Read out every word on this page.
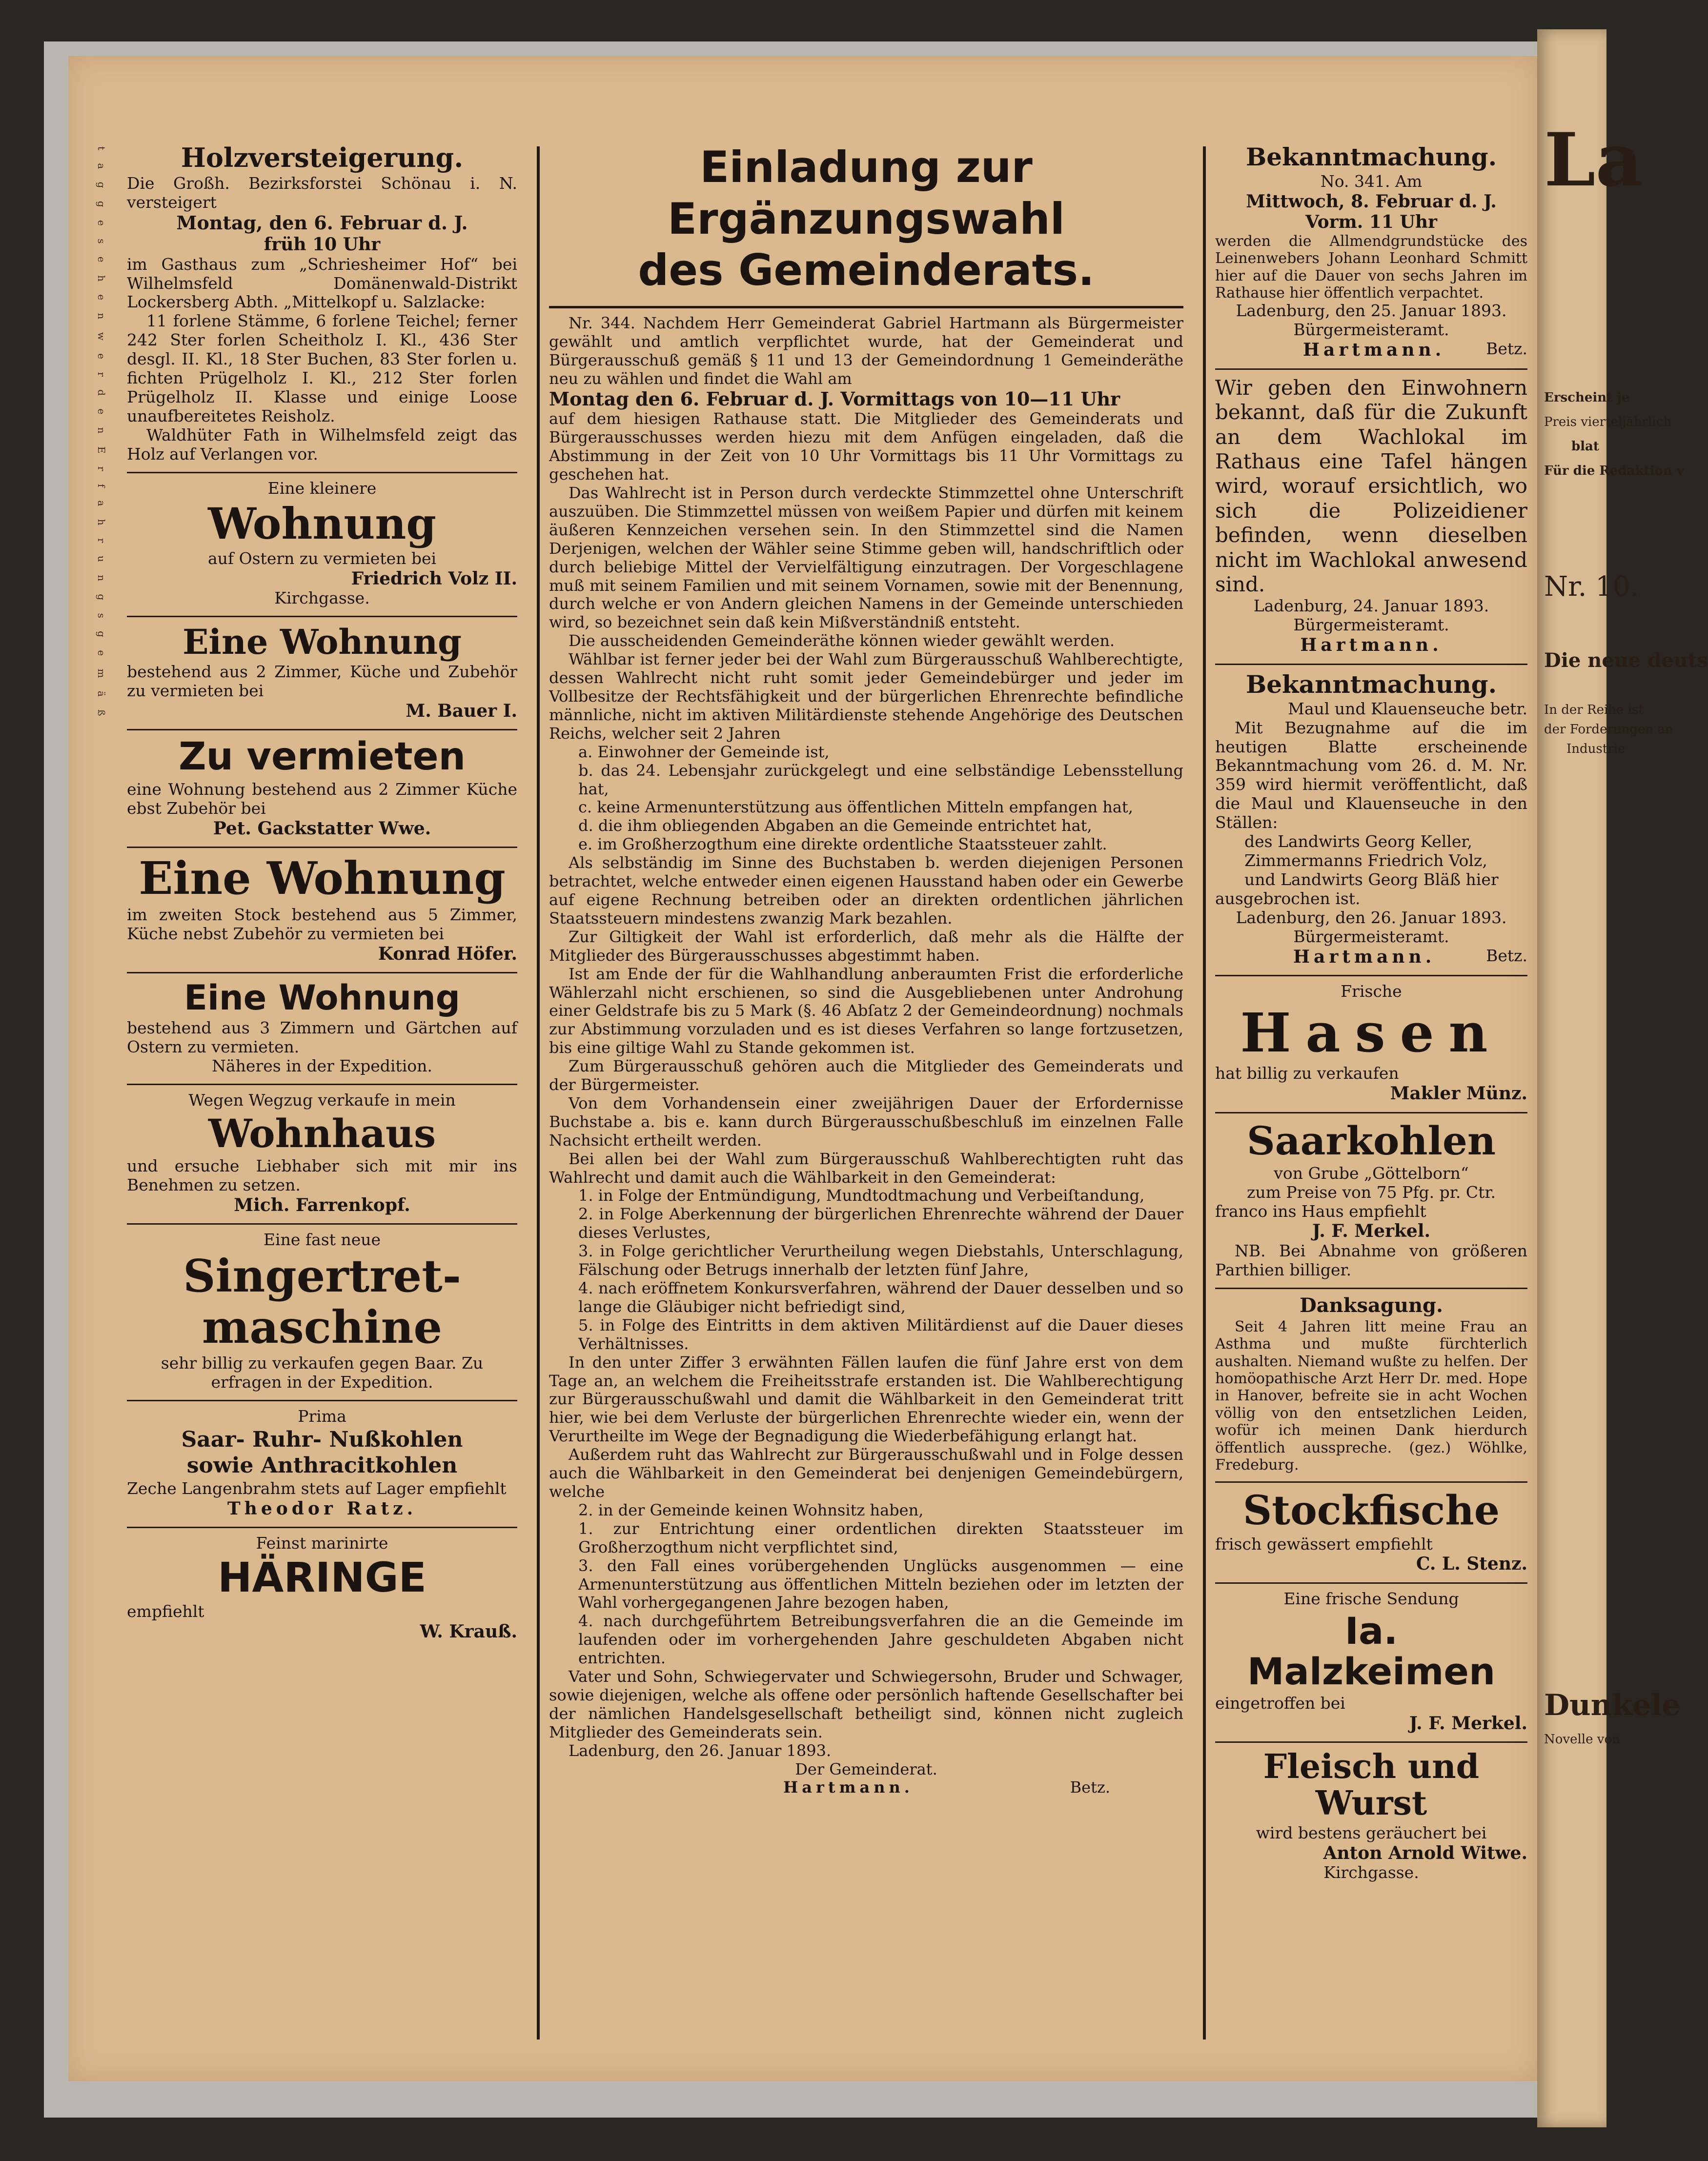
t a g g e s e h e n w e r d e n E r f a h r u n g s g e m ä ß	Holzversteigerung.

Die Großh. Bezirksforstei Schönau i. N. versteigert

Montag, den 6. Februar d. J.

früh 10 Uhr

im Gasthaus zum „Schriesheimer Hof“ bei Wilhelmsfeld Domänenwald-Distrikt Lockersberg Abth. „Mittelkopf u. Salzlacke:

11 forlene Stämme, 6 forlene Teichel; ferner 242 Ster forlen Scheitholz I. Kl., 436 Ster desgl. II. Kl., 18 Ster Buchen, 83 Ster forlen u. fichten Prügelholz I. Kl., 212 Ster forlen Prügelholz II. Klasse und einige Loose unaufbereitetes Reisholz.

Waldhüter Fath in Wilhelmsfeld zeigt das Holz auf Verlangen vor.

Eine kleinere

Wohnung

auf Ostern zu vermieten bei

Friedrich Volz II.

Kirchgasse.

Eine Wohnung

bestehend aus 2 Zimmer, Küche und Zubehör zu vermieten bei

M. Bauer I.

Zu vermieten

eine Wohnung bestehend aus 2 Zimmer Küche ebst Zubehör bei

Pet. Gackstatter Wwe.

Eine Wohnung

im zweiten Stock bestehend aus 5 Zimmer, Küche nebst Zubehör zu vermieten bei

Konrad Höfer.

Eine Wohnung

bestehend aus 3 Zimmern und Gärtchen auf Ostern zu vermieten.

Näheres in der Expedition.

Wegen Wegzug verkaufe in mein

Wohnhaus

und ersuche Liebhaber sich mit mir ins Benehmen zu setzen.

Mich. Farrenkopf.

Eine fast neue

Singertret-
maschine

sehr billig zu verkaufen gegen Baar. Zu erfragen in der Expedition.

Prima

Saar- Ruhr- Nußkohlen
sowie Anthracitkohlen

Zeche Langenbrahm stets auf Lager empfiehlt

Theodor Ratz.

Feinst marinirte

HÄRINGE

empfiehlt

W. Krauß.

Einladung zur Ergänzungswahl
des Gemeinderats.

Nr. 344. Nachdem Herr Gemeinderat Gabriel Hartmann als Bürgermeister gewählt und amtlich verpflichtet wurde, hat der Gemeinderat und Bürgerausschuß gemäß § 11 und 13 der Gemeindordnung 1 Gemeinderäthe neu zu wählen und findet die Wahl am

Montag den 6. Februar d. J. Vormittags von 10—11 Uhr

auf dem hiesigen Rathause statt. Die Mitglieder des Gemeinderats und Bürgerausschusses werden hiezu mit dem Anfügen eingeladen, daß die Abstimmung in der Zeit von 10 Uhr Vormittags bis 11 Uhr Vormittags zu geschehen hat.

Das Wahlrecht ist in Person durch verdeckte Stimmzettel ohne Unterschrift auszuüben. Die Stimmzettel müssen von weißem Papier und dürfen mit keinem äußeren Kennzeichen versehen sein. In den Stimmzettel sind die Namen Derjenigen, welchen der Wähler seine Stimme geben will, handschriftlich oder durch beliebige Mittel der Vervielfältigung einzutragen. Der Vorgeschlagene muß mit seinem Familien und mit seinem Vornamen, sowie mit der Benennung, durch welche er von Andern gleichen Namens in der Gemeinde unterschieden wird, so bezeichnet sein daß kein Mißverständniß entsteht.

Die ausscheidenden Gemeinderäthe können wieder gewählt werden.

Wählbar ist ferner jeder bei der Wahl zum Bürgerausschuß Wahlberechtigte, dessen Wahlrecht nicht ruht somit jeder Gemeindebürger und jeder im Vollbesitze der Rechtsfähigkeit und der bürgerlichen Ehrenrechte befindliche männliche, nicht im aktiven Militärdienste stehende Angehörige des Deutschen Reichs, welcher seit 2 Jahren

a. Einwohner der Gemeinde ist,

b. das 24. Lebensjahr zurückgelegt und eine selbständige Lebensstellung hat,

c. keine Armenunterstützung aus öffentlichen Mitteln empfangen hat,

d. die ihm obliegenden Abgaben an die Gemeinde entrichtet hat,

e. im Großherzogthum eine direkte ordentliche Staatssteuer zahlt.

Als selbständig im Sinne des Buchstaben b. werden diejenigen Personen betrachtet, welche entweder einen eigenen Hausstand haben oder ein Gewerbe auf eigene Rechnung betreiben oder an direkten ordentlichen jährlichen Staatssteuern mindestens zwanzig Mark bezahlen.

Zur Giltigkeit der Wahl ist erforderlich, daß mehr als die Hälfte der Mitglieder des Bürgerausschusses abgestimmt haben.

Ist am Ende der für die Wahlhandlung anberaumten Frist die erforderliche Wählerzahl nicht erschienen, so sind die Ausgebliebenen unter Androhung einer Geldstrafe bis zu 5 Mark (§. 46 Abſatz 2 der Gemeindeordnung) nochmals zur Abstimmung vorzuladen und es ist dieses Verfahren so lange fortzusetzen, bis eine giltige Wahl zu Stande gekommen ist.

Zum Bürgerausschuß gehören auch die Mitglieder des Gemeinderats und der Bürgermeister.

Von dem Vorhandensein einer zweijährigen Dauer der Erfordernisse Buchstabe a. bis e. kann durch Bürgerausschußbeschluß im einzelnen Falle Nachsicht ertheilt werden.

Bei allen bei der Wahl zum Bürgerausschuß Wahlberechtigten ruht das Wahlrecht und damit auch die Wählbarkeit in den Gemeinderat:

1. in Folge der Entmündigung, Mundtodtmachung und Verbeiſtandung,

2. in Folge Aberkennung der bürgerlichen Ehrenrechte während der Dauer dieses Verlustes,

3. in Folge gerichtlicher Verurtheilung wegen Diebstahls, Unterschlagung, Fälschung oder Betrugs innerhalb der letzten fünf Jahre,

4. nach eröffnetem Konkursverfahren, während der Dauer desselben und so lange die Gläubiger nicht befriedigt sind,

5. in Folge des Eintritts in dem aktiven Militärdienst auf die Dauer dieses Verhältnisses.

In den unter Ziffer 3 erwähnten Fällen laufen die fünf Jahre erst von dem Tage an, an welchem die Freiheitsstrafe erstanden ist. Die Wahlberechtigung zur Bürgerausschußwahl und damit die Wählbarkeit in den Gemeinderat tritt hier, wie bei dem Verluste der bürgerlichen Ehrenrechte wieder ein, wenn der Verurtheilte im Wege der Begnadigung die Wiederbefähigung erlangt hat.

Außerdem ruht das Wahlrecht zur Bürgerausschußwahl und in Folge dessen auch die Wählbarkeit in den Gemeinderat bei denjenigen Gemeindebürgern, welche

2. in der Gemeinde keinen Wohnsitz haben,

1. zur Entrichtung einer ordentlichen direkten Staatssteuer im Großherzogthum nicht verpflichtet sind,

3. den Fall eines vorübergehenden Unglücks ausgenommen — eine Armenunterstützung aus öffentlichen Mitteln beziehen oder im letzten der Wahl vorhergegangenen Jahre bezogen haben,

4. nach durchgeführtem Betreibungsverfahren die an die Gemeinde im laufenden oder im vorhergehenden Jahre geschuldeten Abgaben nicht entrichten.

Vater und Sohn, Schwiegervater und Schwiegersohn, Bruder und Schwager, sowie diejenigen, welche als offene oder persönlich haftende Gesellschafter bei der nämlichen Handelsgesellschaft betheiligt sind, können nicht zugleich Mitglieder des Gemeinderats sein.

Ladenburg, den 26. Januar 1893.

Der Gemeinderat.

Hartmann.	Betz.
Bekanntmachung.

No. 341. Am

Mittwoch, 8. Februar d. J.

Vorm. 11 Uhr

werden die Allmendgrundstücke des Leinenwebers Johann Leonhard Schmitt hier auf die Dauer von sechs Jahren im Rathause hier öffentlich verpachtet.

Ladenburg, den 25. Januar 1893.

Bürgermeisteramt.

Hartmann.	Betz.

Wir geben den Einwohnern bekannt, daß für die Zukunft an dem Wachlokal im Rathaus eine Tafel hängen wird, worauf ersichtlich, wo sich die Polizeidiener befinden, wenn dieselben nicht im Wachlokal anwesend sind.

Ladenburg, 24. Januar 1893.

Bürgermeisteramt.

Hartmann.

Bekanntmachung.

Maul und Klauenseuche betr.

Mit Bezugnahme auf die im heutigen Blatte erscheinende Bekanntmachung vom 26. d. M. Nr. 359 wird hiermit veröffentlicht, daß die Maul und Klauenseuche in den Ställen:

des Landwirts Georg Keller,

Zimmermanns Friedrich Volz,

und Landwirts Georg Bläß hier

ausgebrochen ist.

Ladenburg, den 26. Januar 1893.

Bürgermeisteramt.

Hartmann.	Betz.

Frische

Hasen

hat billig zu verkaufen

Makler Münz.

Saarkohlen

von Grube „Göttelborn“

zum Preise von 75 Pfg. pr. Ctr.

franco ins Haus empfiehlt

J. F. Merkel.

NB. Bei Abnahme von größeren Parthien billiger.

Danksagung.

Seit 4 Jahren litt meine Frau an Asthma und mußte fürchterlich aushalten. Niemand wußte zu helfen. Der homöopathische Arzt Herr Dr. med. Hope in Hanover, befreite sie in acht Wochen völlig von den entsetzlichen Leiden, wofür ich meinen Dank hierdurch öffentlich ausspreche. (gez.) Wöhlke, Fredeburg.

Stockfische

frisch gewässert empfiehlt

C. L. Stenz.

Eine frische Sendung

Ia. Malzkeimen

eingetroffen bei

J. F. Merkel.

Fleisch und Wurst

wird bestens geräuchert bei

Anton Arnold Witwe.

Kirchgasse.

La
Erscheint je
Preis vierteljährlich
blat
Für die Redaktion v
Nr. 10.
Die neue deuts
In der Reihe ist
der Forderungen an
Industrie
Dunkele
Novelle von
